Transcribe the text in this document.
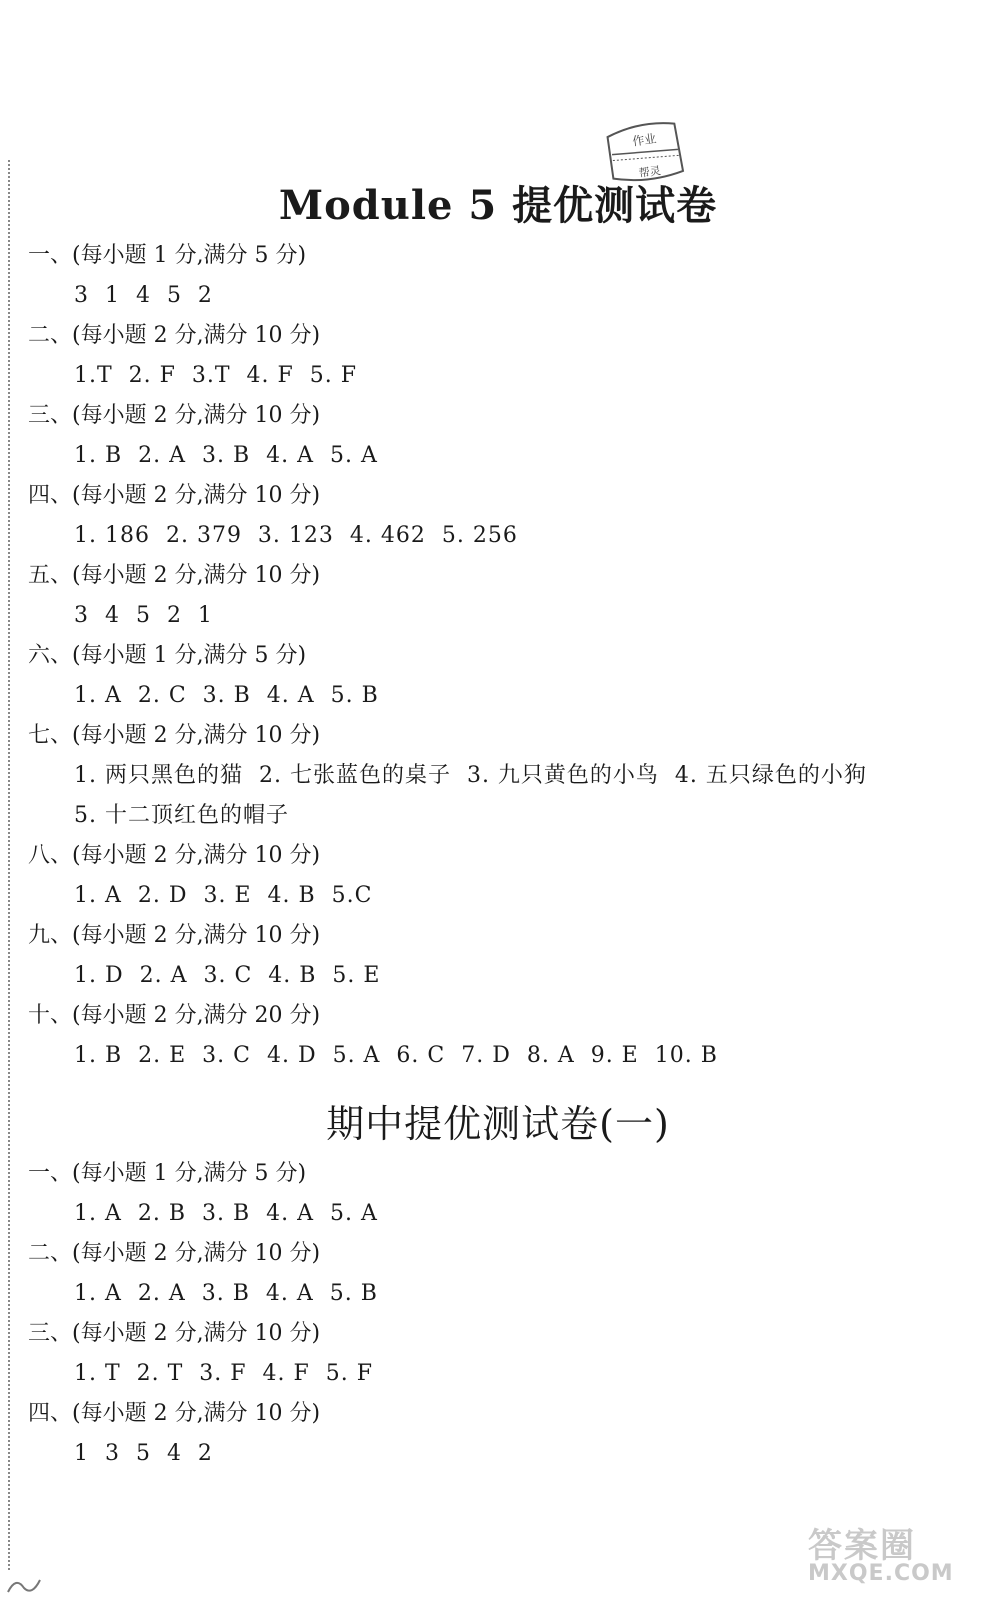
作业
帮灵
Module 5 提优测试卷
一、(每小题 1 分,满分 5 分)
3  1  4  5  2
二、(每小题 2 分,满分 10 分)
1.T  2. F  3.T  4. F  5. F
三、(每小题 2 分,满分 10 分)
1. B  2. A  3. B  4. A  5. A
四、(每小题 2 分,满分 10 分)
1. 186  2. 379  3. 123  4. 462  5. 256
五、(每小题 2 分,满分 10 分)
3  4  5  2  1
六、(每小题 1 分,满分 5 分)
1. A  2. C  3. B  4. A  5. B
七、(每小题 2 分,满分 10 分)
1. 两只黑色的猫  2. 七张蓝色的桌子  3. 九只黄色的小鸟  4. 五只绿色的小狗
5. 十二顶红色的帽子
八、(每小题 2 分,满分 10 分)
1. A  2. D  3. E  4. B  5.C
九、(每小题 2 分,满分 10 分)
1. D  2. A  3. C  4. B  5. E
十、(每小题 2 分,满分 20 分)
1. B  2. E  3. C  4. D  5. A  6. C  7. D  8. A  9. E  10. B
期中提优测试卷(一)
一、(每小题 1 分,满分 5 分)
1. A  2. B  3. B  4. A  5. A
二、(每小题 2 分,满分 10 分)
1. A  2. A  3. B  4. A  5. B
三、(每小题 2 分,满分 10 分)
1. T  2. T  3. F  4. F  5. F
四、(每小题 2 分,满分 10 分)
1  3  5  4  2
答案圈
MXQE.COM
